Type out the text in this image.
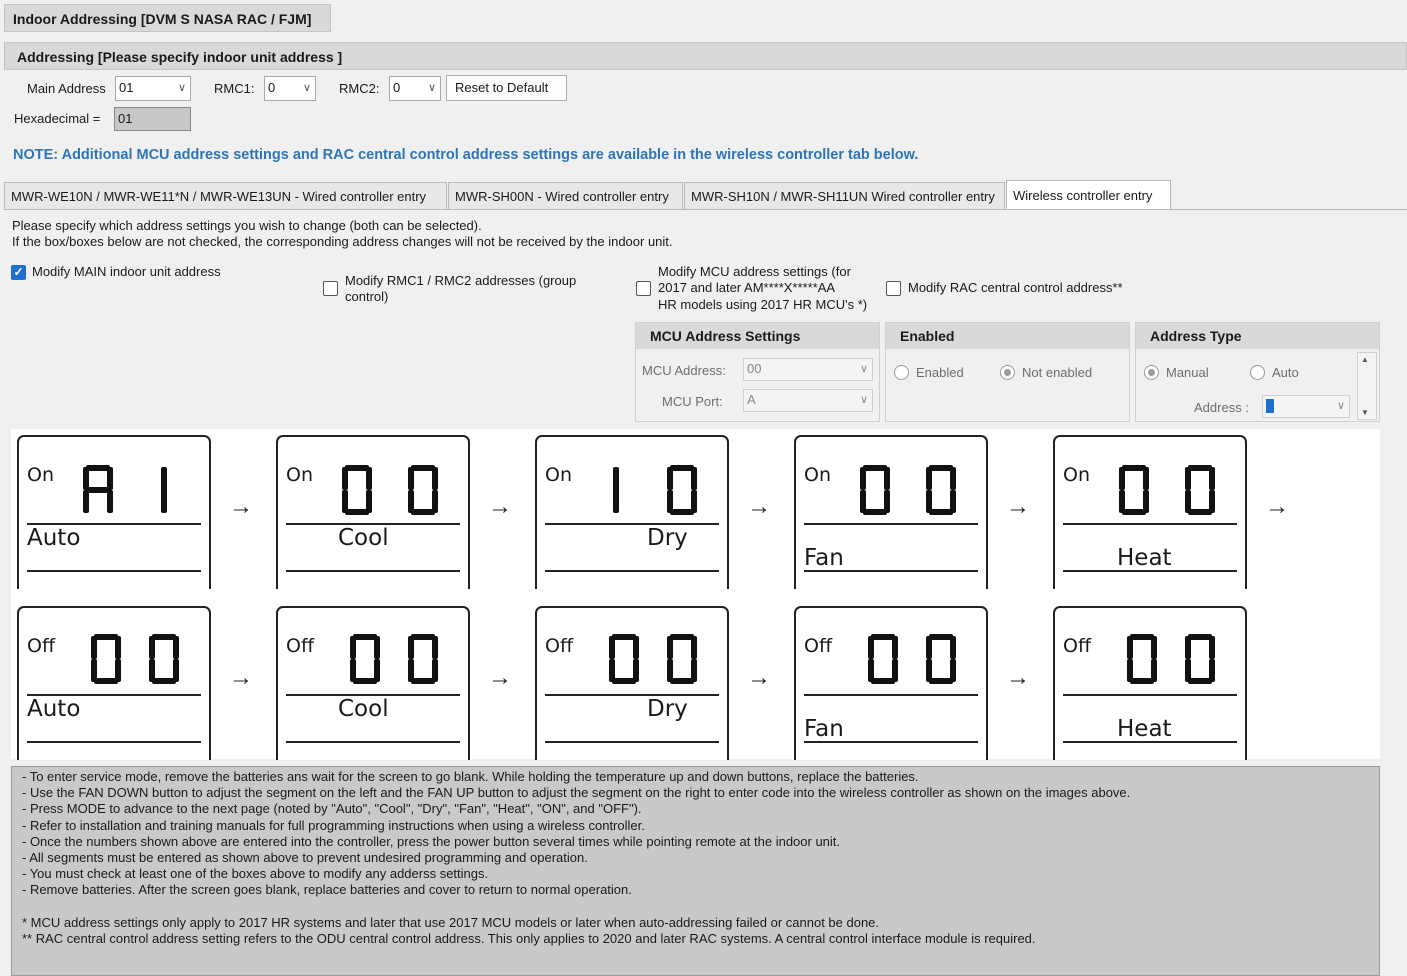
Indoor Addressing [DVM S NASA RAC / FJM]
Addressing [Please specify indoor unit address ]
Main Address	01	∨ RMC1:	0	∨ RMC2:	0	∨	Reset to Default
Hexadecimal =	01
NOTE: Additional MCU address settings and RAC central control address settings are available in the wireless controller tab below.
MWR-WE10N / MWR-WE11*N / MWR-WE13UN - Wired controller entry	MWR-SH00N - Wired controller entry	MWR-SH10N / MWR-SH11UN Wired controller entry	Wireless controller entry
Please specify which address settings you wish to change (both can be selected).
If the box/boxes below are not checked, the corresponding address changes will not be received by the indoor unit.
✓ Modify MAIN indoor unit address
Modify RMC1 / RMC2 addresses (group
control)
Modify MCU address settings (for
2017 and later AM****X*****AA
HR models using 2017 HR MCU's *)
Modify RAC central control address**
MCU Address Settings
MCU Address:	00	∨
MCU Port:	A	∨
Enabled
Enabled	Not enabled
Address Type
Manual	Auto
Address :	∨
▲
▼
On
Auto
→
On
Cool
→
On
Dry
→
On
Fan
→
On
Heat
→
Off
Auto
→
Off
Cool
→
Off
Dry
→
Off
Fan
→
Off
Heat
- To enter service mode, remove the batteries ans wait for the screen to go blank. While holding the temperature up and down buttons, replace the batteries.
- Use the FAN DOWN button to adjust the segment on the left and the FAN UP button to adjust the segment on the right to enter code into the wireless controller as shown on the images above.
- Press MODE to advance to the next page (noted by "Auto", "Cool", "Dry", "Fan", "Heat", "ON", and "OFF").
- Refer to installation and training manuals for full programming instructions when using a wireless controller.
- Once the numbers shown above are entered into the controller, press the power button several times while pointing remote at the indoor unit.
- All segments must be entered as shown above to prevent undesired programming and operation.
- You must check at least one of the boxes above to modify any adderss settings.
- Remove batteries. After the screen goes blank, replace batteries and cover to return to normal operation.
* MCU address settings only apply to 2017 HR systems and later that use 2017 MCU models or later when auto-addressing failed or cannot be done.
** RAC central control address setting refers to the ODU central control address. This only applies to 2020 and later RAC systems. A central control interface module is required.
